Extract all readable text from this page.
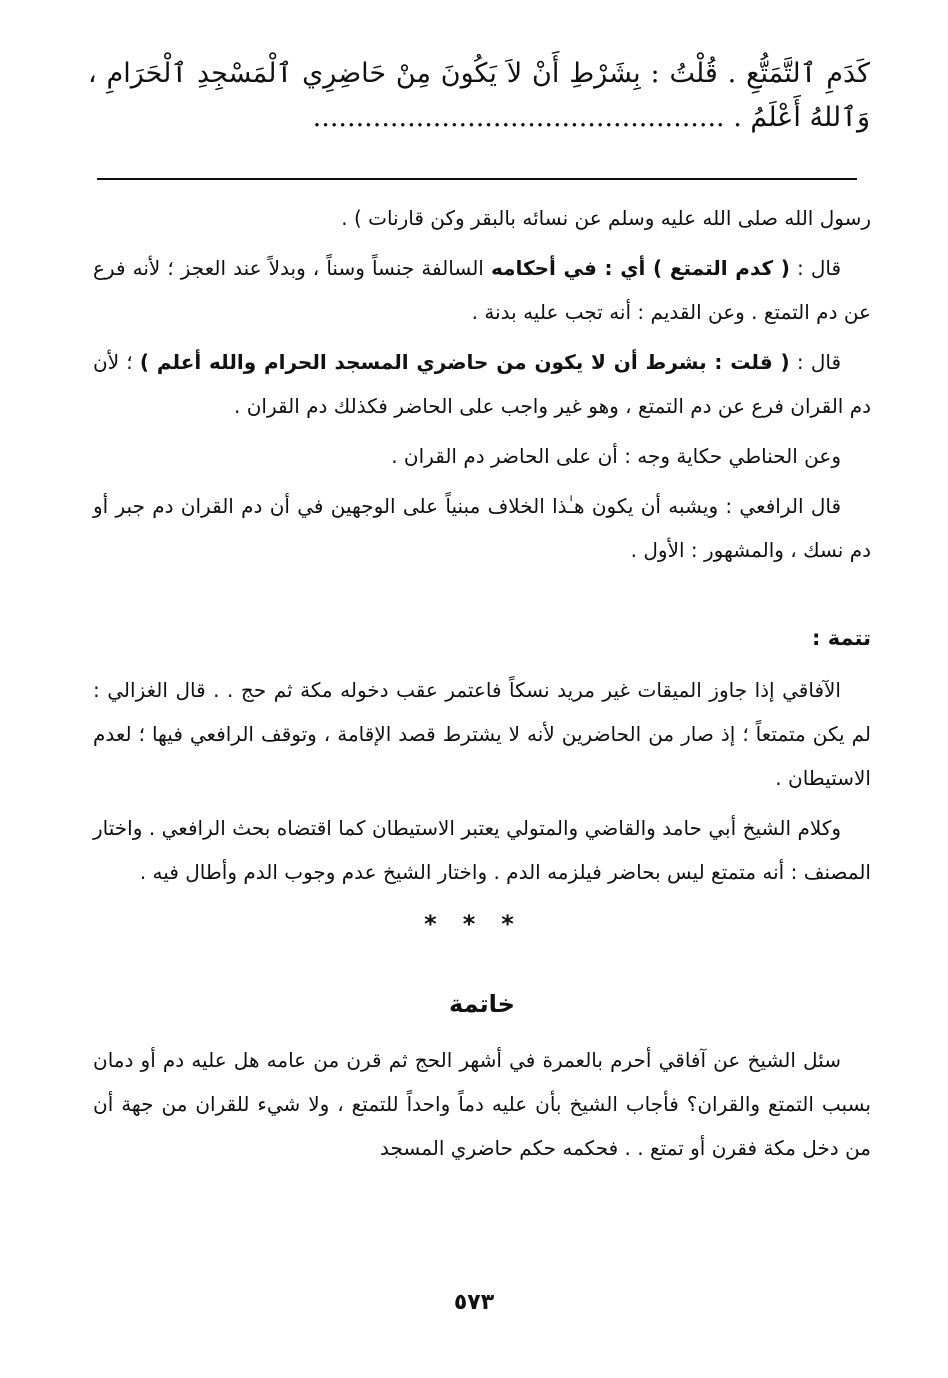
كَدَمِ ٱلتَّمَتُّعِ . قُلْتُ : بِشَرْطِ أَنْ لاَ يَكُونَ مِنْ حَاضِرِي ٱلْمَسْجِدِ ٱلْحَرَامِ ، وَٱللهُ أَعْلَمُ . ................................................

رسول الله صلى الله عليه وسلم عن نسائه بالبقر وكن قارنات ) .

قال : ( كدم التمتع ) أي : في أحكامه السالفة جنساً وسناً ، وبدلاً عند العجز ؛ لأنه فرع عن دم التمتع . وعن القديم : أنه تجب عليه بدنة .

قال : ( قلت : بشرط أن لا يكون من حاضري المسجد الحرام والله أعلم ) ؛ لأن دم القران فرع عن دم التمتع ، وهو غير واجب على الحاضر فكذلك دم القران .

وعن الحناطي حكاية وجه : أن على الحاضر دم القران .

قال الرافعي : ويشبه أن يكون هـٰذا الخلاف مبنياً على الوجهين في أن دم القران دم جبر أو دم نسك ، والمشهور : الأول .

تتمة :

الآفاقي إذا جاوز الميقات غير مريد نسكاً فاعتمر عقب دخوله مكة ثم حج . . قال الغزالي : لم يكن متمتعاً ؛ إذ صار من الحاضرين لأنه لا يشترط قصد الإقامة ، وتوقف الرافعي فيها ؛ لعدم الاستيطان .

وكلام الشيخ أبي حامد والقاضي والمتولي يعتبر الاستيطان كما اقتضاه بحث الرافعي . واختار المصنف : أنه متمتع ليس بحاضر فيلزمه الدم . واختار الشيخ عدم وجوب الدم وأطال فيه .

***
خاتمة

سئل الشيخ عن آفاقي أحرم بالعمرة في أشهر الحج ثم قرن من عامه هل عليه دم أو دمان بسبب التمتع والقران؟ فأجاب الشيخ بأن عليه دماً واحداً للتمتع ، ولا شيء للقران من جهة أن من دخل مكة فقرن أو تمتع . . فحكمه حكم حاضري المسجد

٥٧٣
